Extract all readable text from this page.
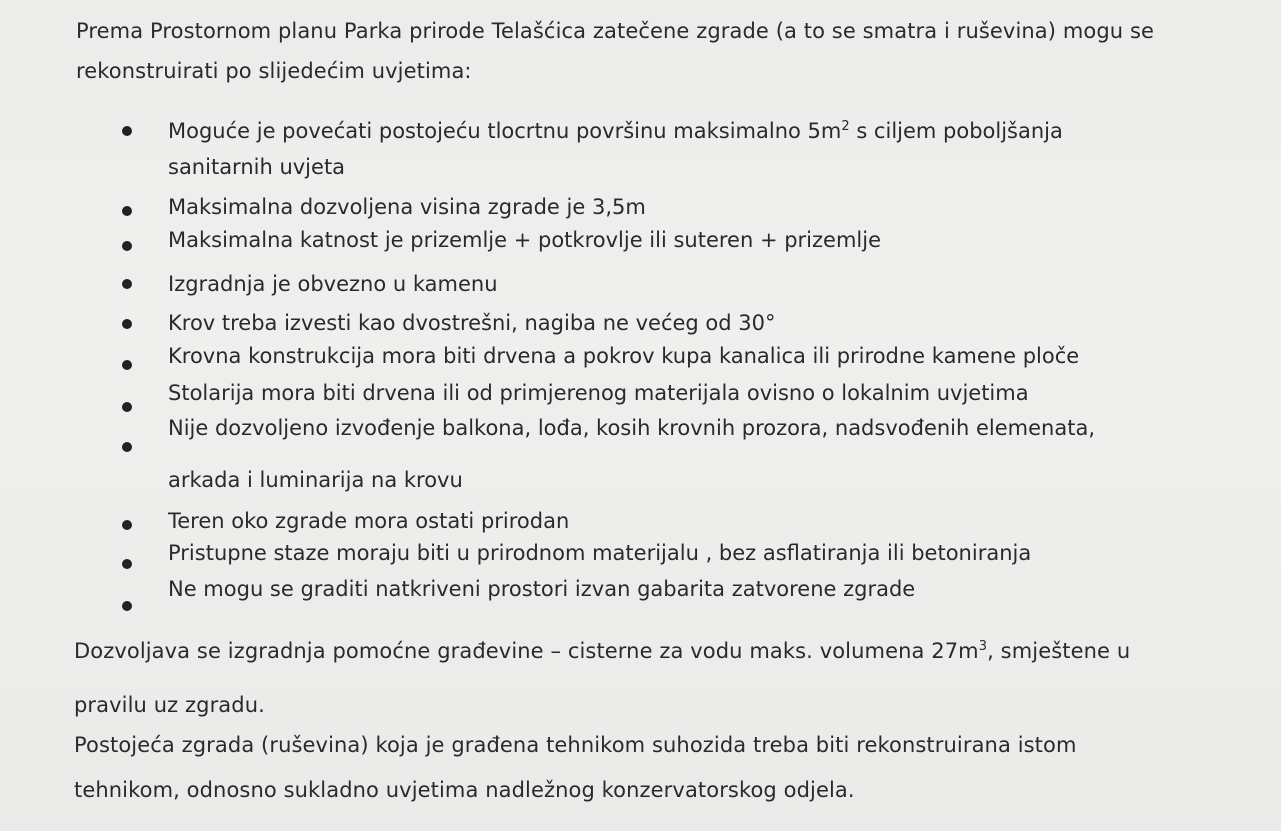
Prema Prostornom planu Parka prirode Telašćica zatečene zgrade (a to se smatra i ruševina) mogu se
rekonstruirati po slijedećim uvjetima:
Moguće je povećati postojeću tlocrtnu površinu maksimalno $5m^2$ s ciljem poboljšanja
sanitarnih uvjeta
Maksimalna dozvoljena visina zgrade je 3,5m
Maksimalna katnost je prizemlje + potkrovlje ili suteren + prizemlje
Izgradnja je obvezno u kamenu
Krov treba izvesti kao dvostrešni, nagiba ne većeg od 30°
Krovna konstrukcija mora biti drvena a pokrov kupa kanalica ili prirodne kamene ploče
Stolarija mora biti drvena ili od primjerenog materijala ovisno o lokalnim uvjetima
Nije dozvoljeno izvođenje balkona, lođa, kosih krovnih prozora, nadsvođenih elemenata,
arkada i luminarija na krovu
Teren oko zgrade mora ostati prirodan
Pristupne staze moraju biti u prirodnom materijalu , bez asflatiranja ili betoniranja
Ne mogu se graditi natkriveni prostori izvan gabarita zatvorene zgrade
Dozvoljava se izgradnja pomoćne građevine – cisterne za vodu maks. volumena $27m^3$, smještene u
pravilu uz zgradu.
Postojeća zgrada (ruševina) koja je građena tehnikom suhozida treba biti rekonstruirana istom
tehnikom, odnosno sukladno uvjetima nadležnog konzervatorskog odjela.
